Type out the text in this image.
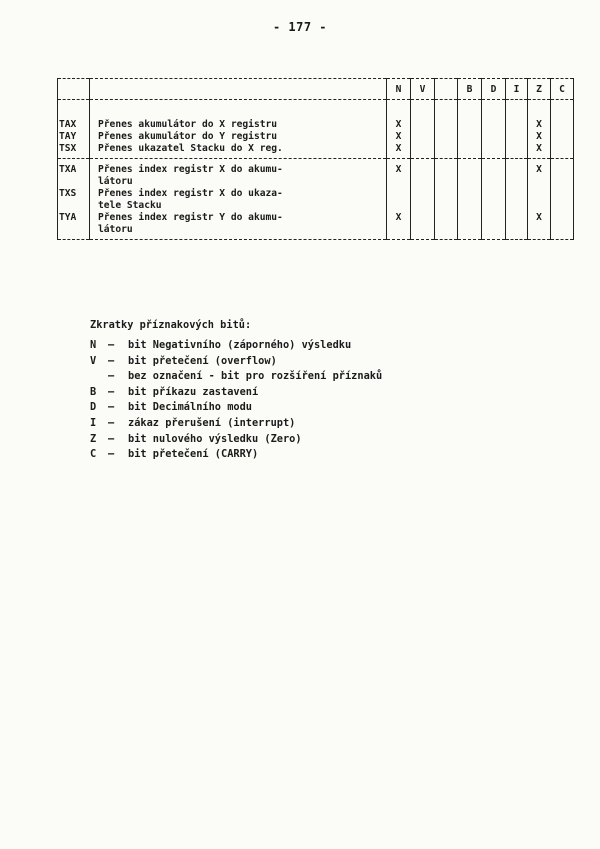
- 177 -
		N	V		B	D	I	Z	C
TAX	Přenes akumulátor do X registru	X						X	
TAY	Přenes akumulátor do Y registru	X						X	
TSX	Přenes ukazatel Stacku do X reg.	X						X	
TXA	Přenes index registr X do akumu-
látoru	X						X	
TXS	Přenes index registr X do ukaza-
tele Stacku								

TYA	Přenes index registr Y do akumu-
látoru	X						X	
Zkratky příznakových bitů:
N	–	bit Negativního (záporného) výsledku
V	–	bit přetečení (overflow)
–	bez označení - bit pro rozšíření příznaků
B	–	bit příkazu zastavení
D	–	bit Decimálního modu
I	–	zákaz přerušení (interrupt)
Z	–	bit nulového výsledku (Zero)
C	–	bit přetečení (CARRY)
